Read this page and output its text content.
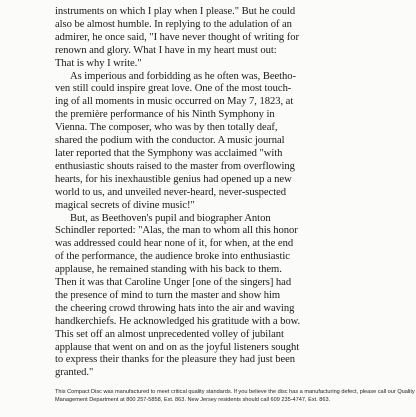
instruments on which I play when I please." But he could
also be almost humble. In replying to the adulation of an
admirer, he once said, "I have never thought of writing for
renown and glory. What I have in my heart must out:
That is why I write."

As imperious and forbidding as he often was, Beetho-
ven still could inspire great love. One of the most touch-
ing of all moments in music occurred on May 7, 1823, at
the première performance of his Ninth Symphony in
Vienna. The composer, who was by then totally deaf,
shared the podium with the conductor. A music journal
later reported that the Symphony was acclaimed "with
enthusiastic shouts raised to the master from overflowing
hearts, for his inexhaustible genius had opened up a new
world to us, and unveiled never-heard, never-suspected
magical secrets of divine music!"

But, as Beethoven's pupil and biographer Anton
Schindler reported: "Alas, the man to whom all this honor
was addressed could hear none of it, for when, at the end
of the performance, the audience broke into enthusiastic
applause, he remained standing with his back to them.
Then it was that Caroline Unger [one of the singers] had
the presence of mind to turn the master and show him
the cheering crowd throwing hats into the air and waving
handkerchiefs. He acknowledged his gratitude with a bow.
This set off an almost unprecedented volley of jubilant
applause that went on and on as the joyful listeners sought
to express their thanks for the pleasure they had just been
granted."

This Compact Disc was manufactured to meet critical quality standards. If you believe the disc has a manufacturing defect, please call our Quality
Management Department at 800 257-5858, Ext. 863. New Jersey residents should call 609 235-4747, Ext. 863.
